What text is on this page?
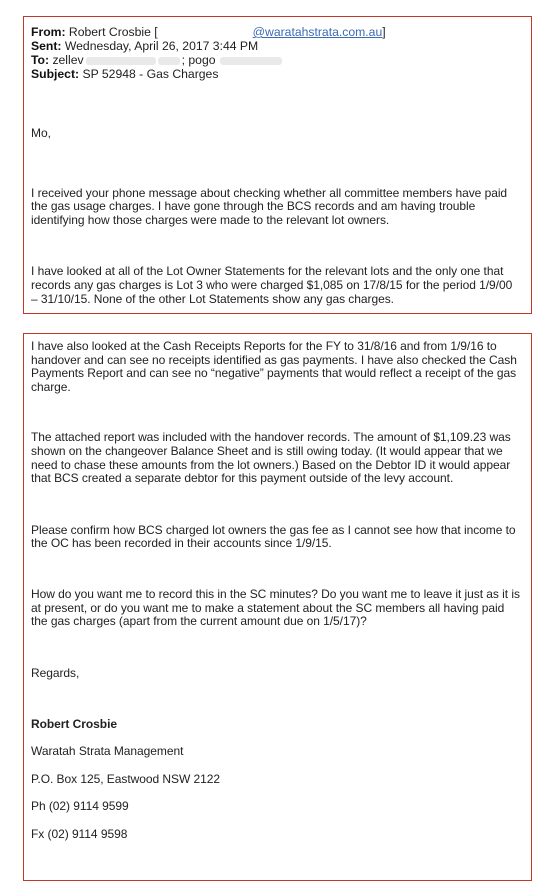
From: Robert Crosbie [	@waratahstrata.com.au]
Sent: Wednesday, April 26, 2017 3:44 PM
To: zellev	; pogo
Subject: SP 52948 - Gas Charges

Mo,

I received your phone message about checking whether all committee members have paid the gas usage charges. I have gone through the BCS records and am having trouble identifying how those charges were made to the relevant lot owners.

I have looked at all of the Lot Owner Statements for the relevant lots and the only one that records any gas charges is Lot 3 who were charged $1,085 on 17/8/15 for the period 1/9/00 – 31/10/15. None of the other Lot Statements show any gas charges.

I have also looked at the Cash Receipts Reports for the FY to 31/8/16 and from 1/9/16 to handover and can see no receipts identified as gas payments. I have also checked the Cash Payments Report and can see no “negative” payments that would reflect a receipt of the gas charge.

The attached report was included with the handover records. The amount of $1,109.23 was shown on the changeover Balance Sheet and is still owing today. (It would appear that we need to chase these amounts from the lot owners.) Based on the Debtor ID it would appear that BCS created a separate debtor for this payment outside of the levy account.

Please confirm how BCS charged lot owners the gas fee as I cannot see how that income to the OC has been recorded in their accounts since 1/9/15.

How do you want me to record this in the SC minutes? Do you want me to leave it just as it is at present, or do you want me to make a statement about the SC members all having paid the gas charges (apart from the current amount due on 1/5/17)?

Regards,

Robert Crosbie

Waratah Strata Management

P.O. Box 125, Eastwood NSW 2122

Ph (02) 9114 9599

Fx (02) 9114 9598
